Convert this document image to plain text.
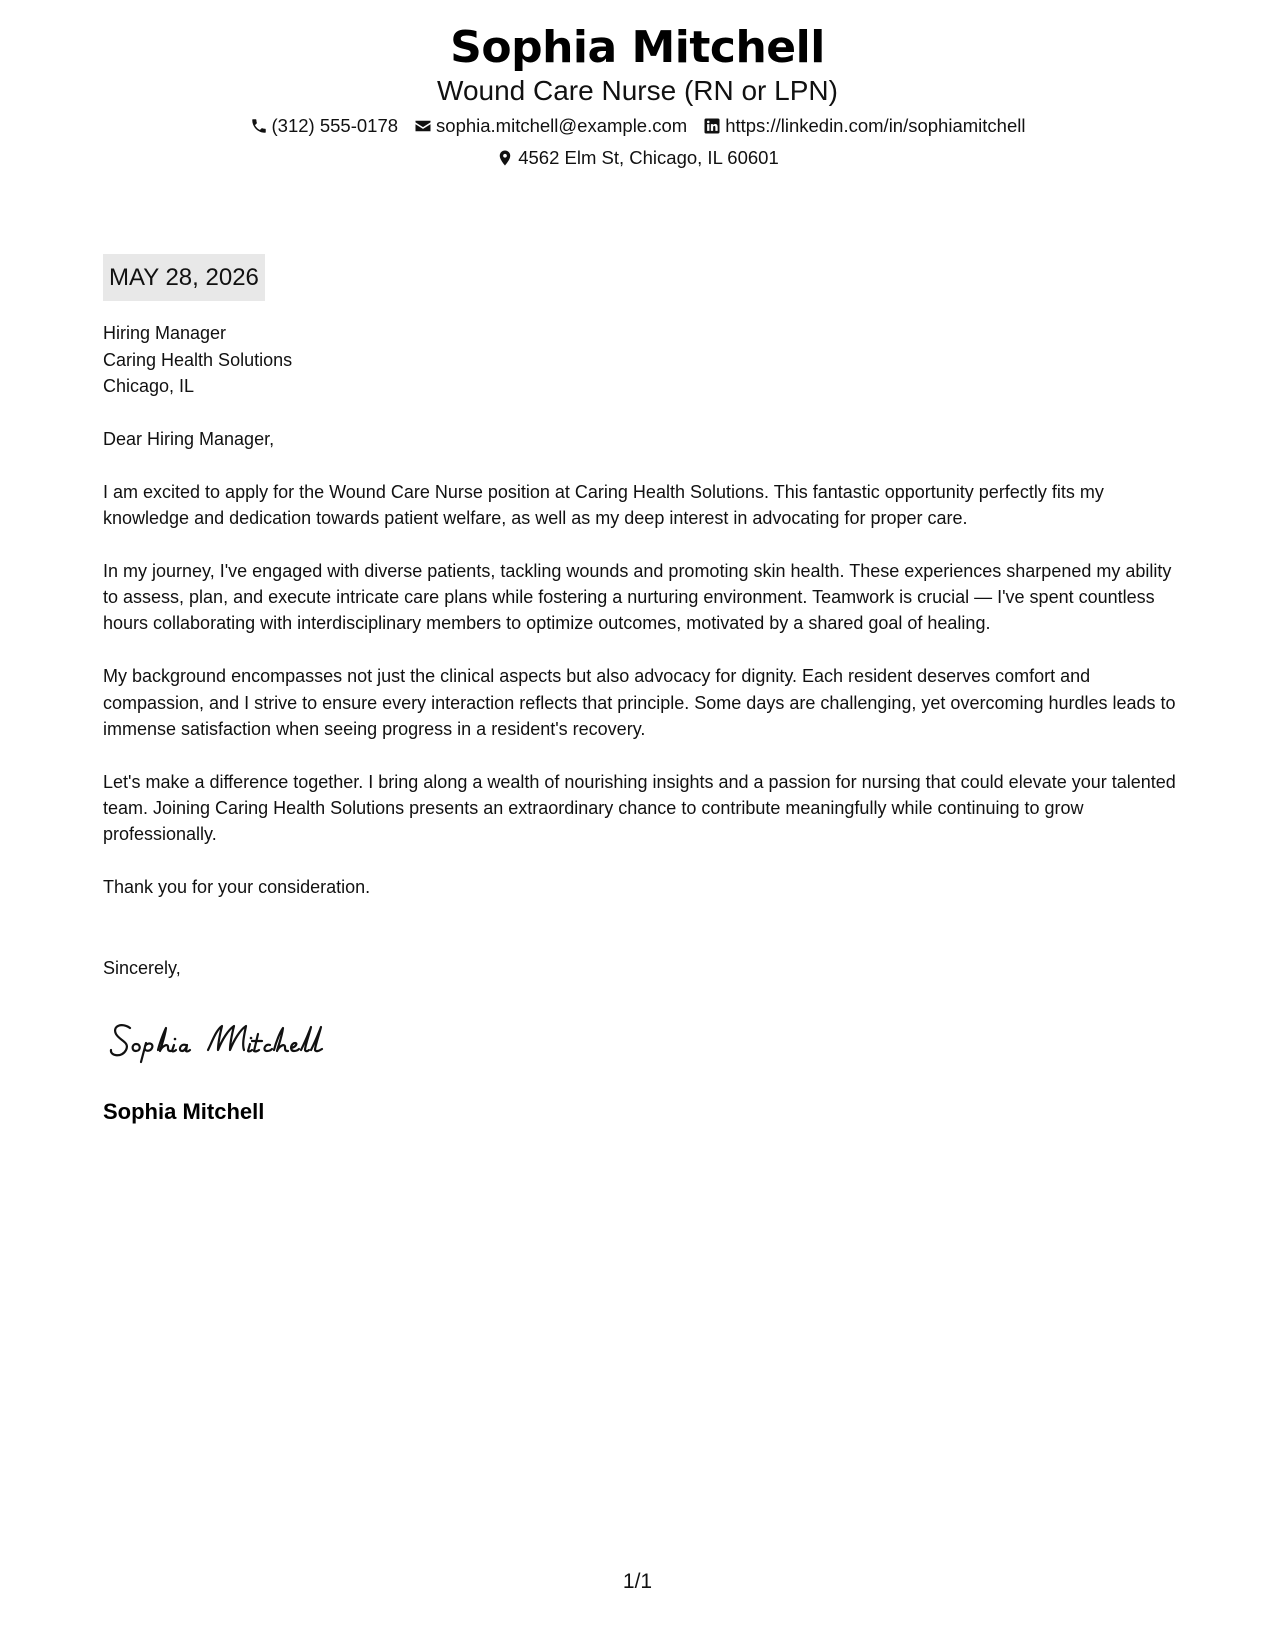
Sophia Mitchell
Wound Care Nurse (RN or LPN)
(312) 555-0178 sophia.mitchell@example.com https://linkedin.com/in/sophiamitchell
4562 Elm St, Chicago, IL 60601
MAY 28, 2026
Hiring Manager
Caring Health Solutions
Chicago, IL

Dear Hiring Manager,

I am excited to apply for the Wound Care Nurse position at Caring Health Solutions. This fantastic opportunity perfectly fits my knowledge and dedication towards patient welfare, as well as my deep interest in advocating for proper care.

In my journey, I've engaged with diverse patients, tackling wounds and promoting skin health. These experiences sharpened my ability to assess, plan, and execute intricate care plans while fostering a nurturing environment. Teamwork is crucial — I've spent countless hours collaborating with interdisciplinary members to optimize outcomes, motivated by a shared goal of healing.

My background encompasses not just the clinical aspects but also advocacy for dignity. Each resident deserves comfort and compassion, and I strive to ensure every interaction reflects that principle. Some days are challenging, yet overcoming hurdles leads to immense satisfaction when seeing progress in a resident's recovery.

Let's make a difference together. I bring along a wealth of nourishing insights and a passion for nursing that could elevate your talented team. Joining Caring Health Solutions presents an extraordinary chance to contribute meaningfully while continuing to grow professionally.

Thank you for your consideration.

Sincerely,
Sophia Mitchell
1/1
